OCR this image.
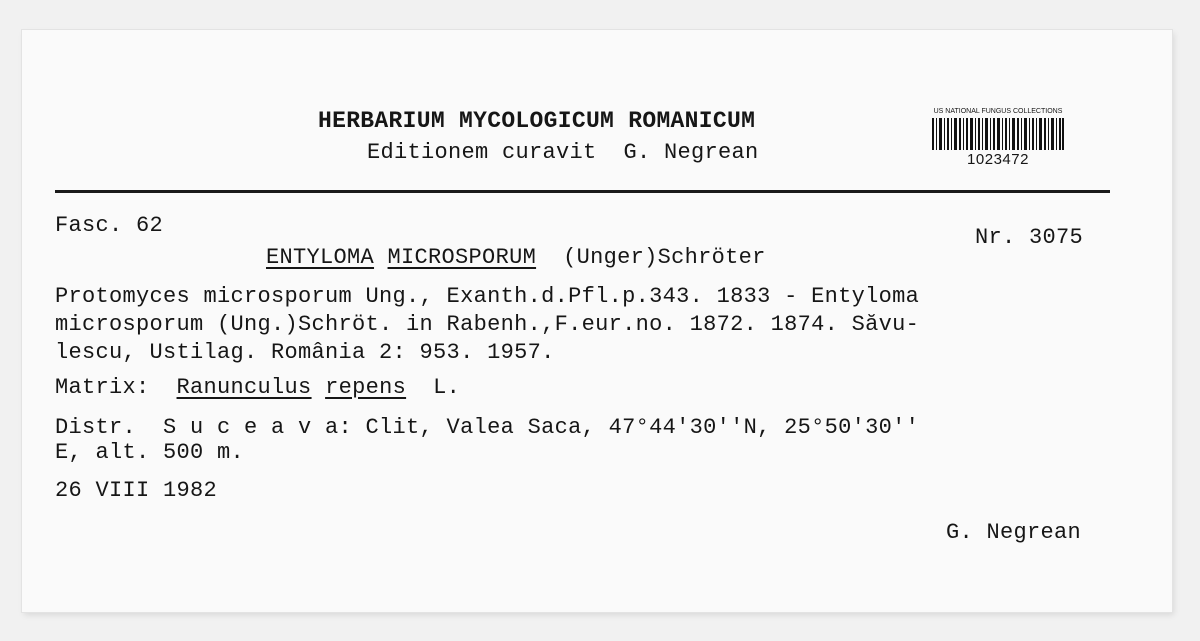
HERBARIUM MYCOLOGICUM ROMANICUM
Editionem curavit  G. Negrean
US NATIONAL FUNGUS COLLECTIONS
1023472
Fasc. 62	Nr. 3075
ENTYLOMA MICROSPORUM (Unger)Schröter
Protomyces microsporum Ung., Exanth.d.Pfl.p.343. 1833 - Entyloma
microsporum (Ung.)Schröt. in Rabenh.,F.eur.no. 1872. 1874. Săvu-
lescu, Ustilag. România 2: 953. 1957.
Matrix: Ranunculus repens L.
Distr.  S u c e a v a: Clit, Valea Saca, 47°44'30''N, 25°50'30''
E, alt. 500 m.
26 VIII 1982
G. Negrean
